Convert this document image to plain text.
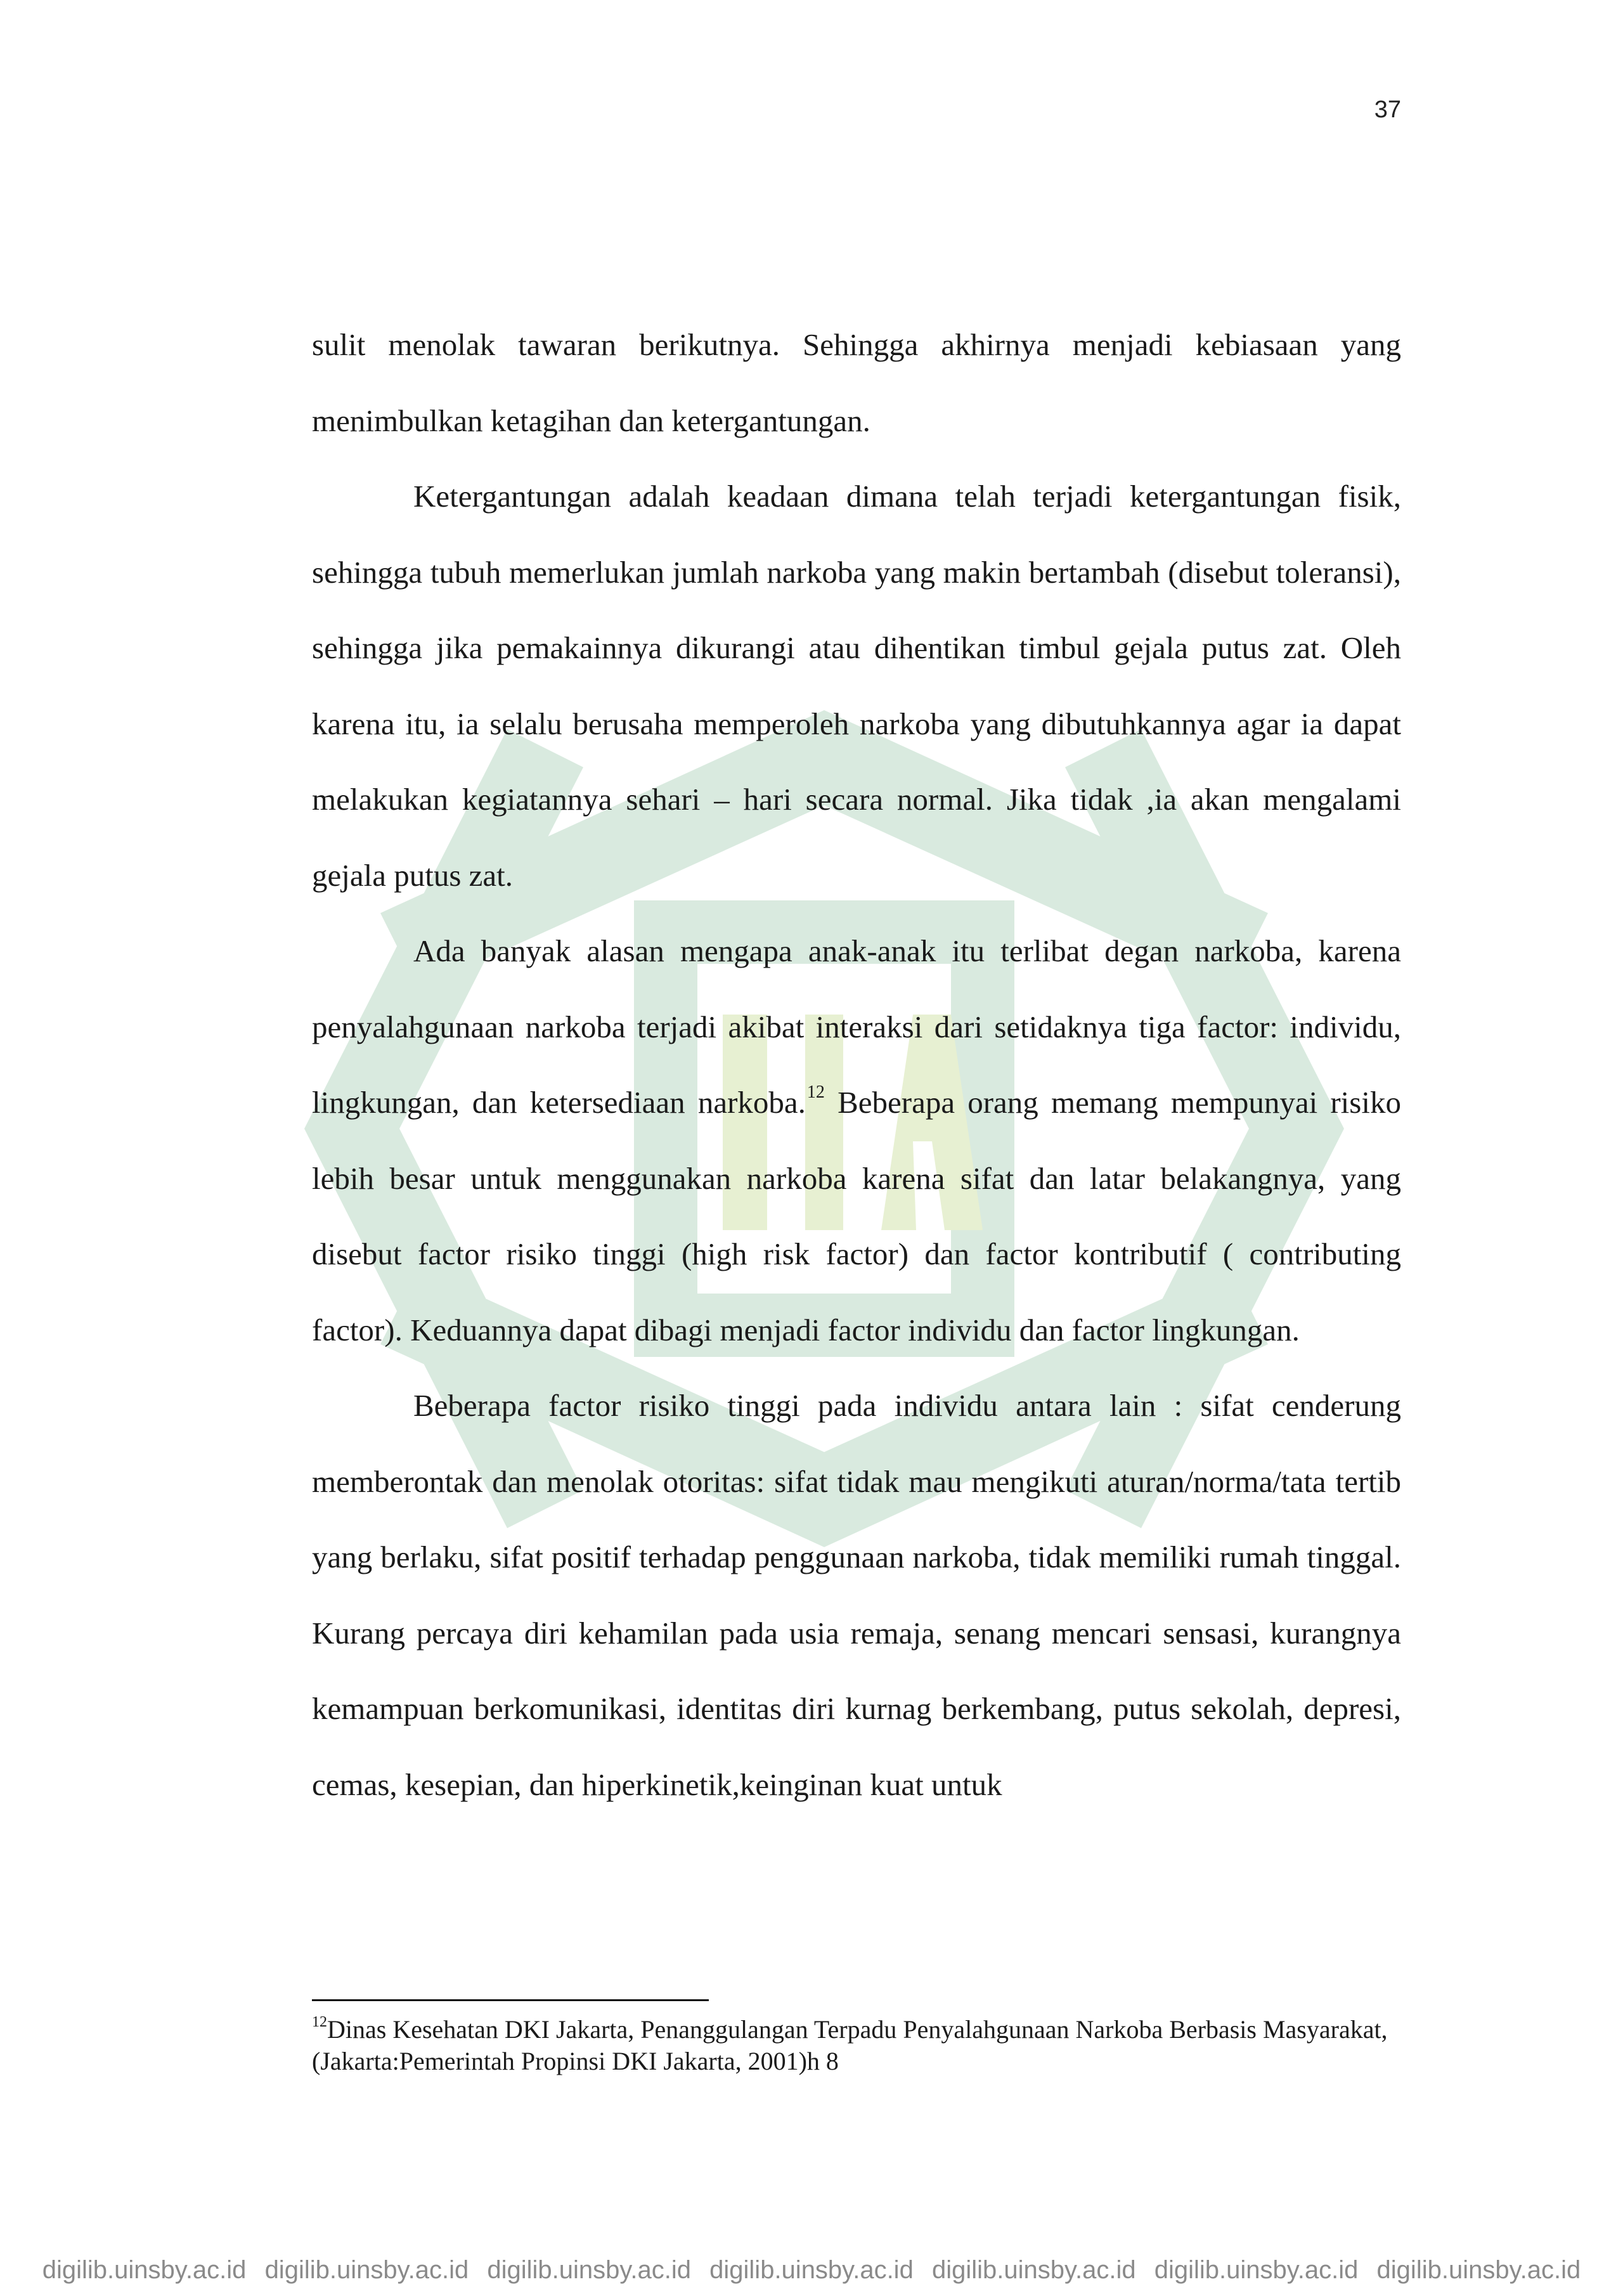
37

sulit menolak tawaran berikutnya. Sehingga akhirnya menjadi kebiasaan yang menimbulkan ketagihan dan ketergantungan.

Ketergantungan adalah keadaan dimana telah terjadi ketergantungan fisik, sehingga tubuh memerlukan jumlah narkoba yang makin bertambah (disebut toleransi), sehingga jika pemakainnya dikurangi atau dihentikan timbul gejala putus zat. Oleh karena itu, ia selalu berusaha memperoleh narkoba yang dibutuhkannya agar ia dapat melakukan kegiatannya sehari – hari secara normal. Jika tidak ,ia akan mengalami gejala putus zat.

Ada banyak alasan mengapa anak-anak itu terlibat degan narkoba, karena penyalahgunaan narkoba terjadi akibat interaksi dari setidaknya tiga factor: individu, lingkungan, dan ketersediaan narkoba.$^{12}$ Beberapa orang memang mempunyai risiko lebih besar untuk menggunakan narkoba karena sifat dan latar belakangnya, yang disebut factor risiko tinggi (high risk factor) dan factor kontributif ( contributing factor). Keduannya dapat dibagi menjadi factor individu dan factor lingkungan.

Beberapa factor risiko tinggi pada individu antara lain : sifat cenderung memberontak dan menolak otoritas: sifat tidak mau mengikuti aturan/norma/tata tertib yang berlaku, sifat positif terhadap penggunaan narkoba, tidak memiliki rumah tinggal. Kurang percaya diri kehamilan pada usia remaja, senang mencari sensasi, kurangnya kemampuan berkomunikasi, identitas diri kurnag berkembang, putus sekolah, depresi, cemas, kesepian, dan hiperkinetik,keinginan kuat untuk

$^{12}$Dinas Kesehatan DKI Jakarta, Penanggulangan Terpadu Penyalahgunaan Narkoba Berbasis Masyarakat,(Jakarta:Pemerintah Propinsi DKI Jakarta, 2001)h 8
digilib.uinsby.ac.id digilib.uinsby.ac.id digilib.uinsby.ac.id digilib.uinsby.ac.id digilib.uinsby.ac.id digilib.uinsby.ac.id digilib.uinsby.ac.id
